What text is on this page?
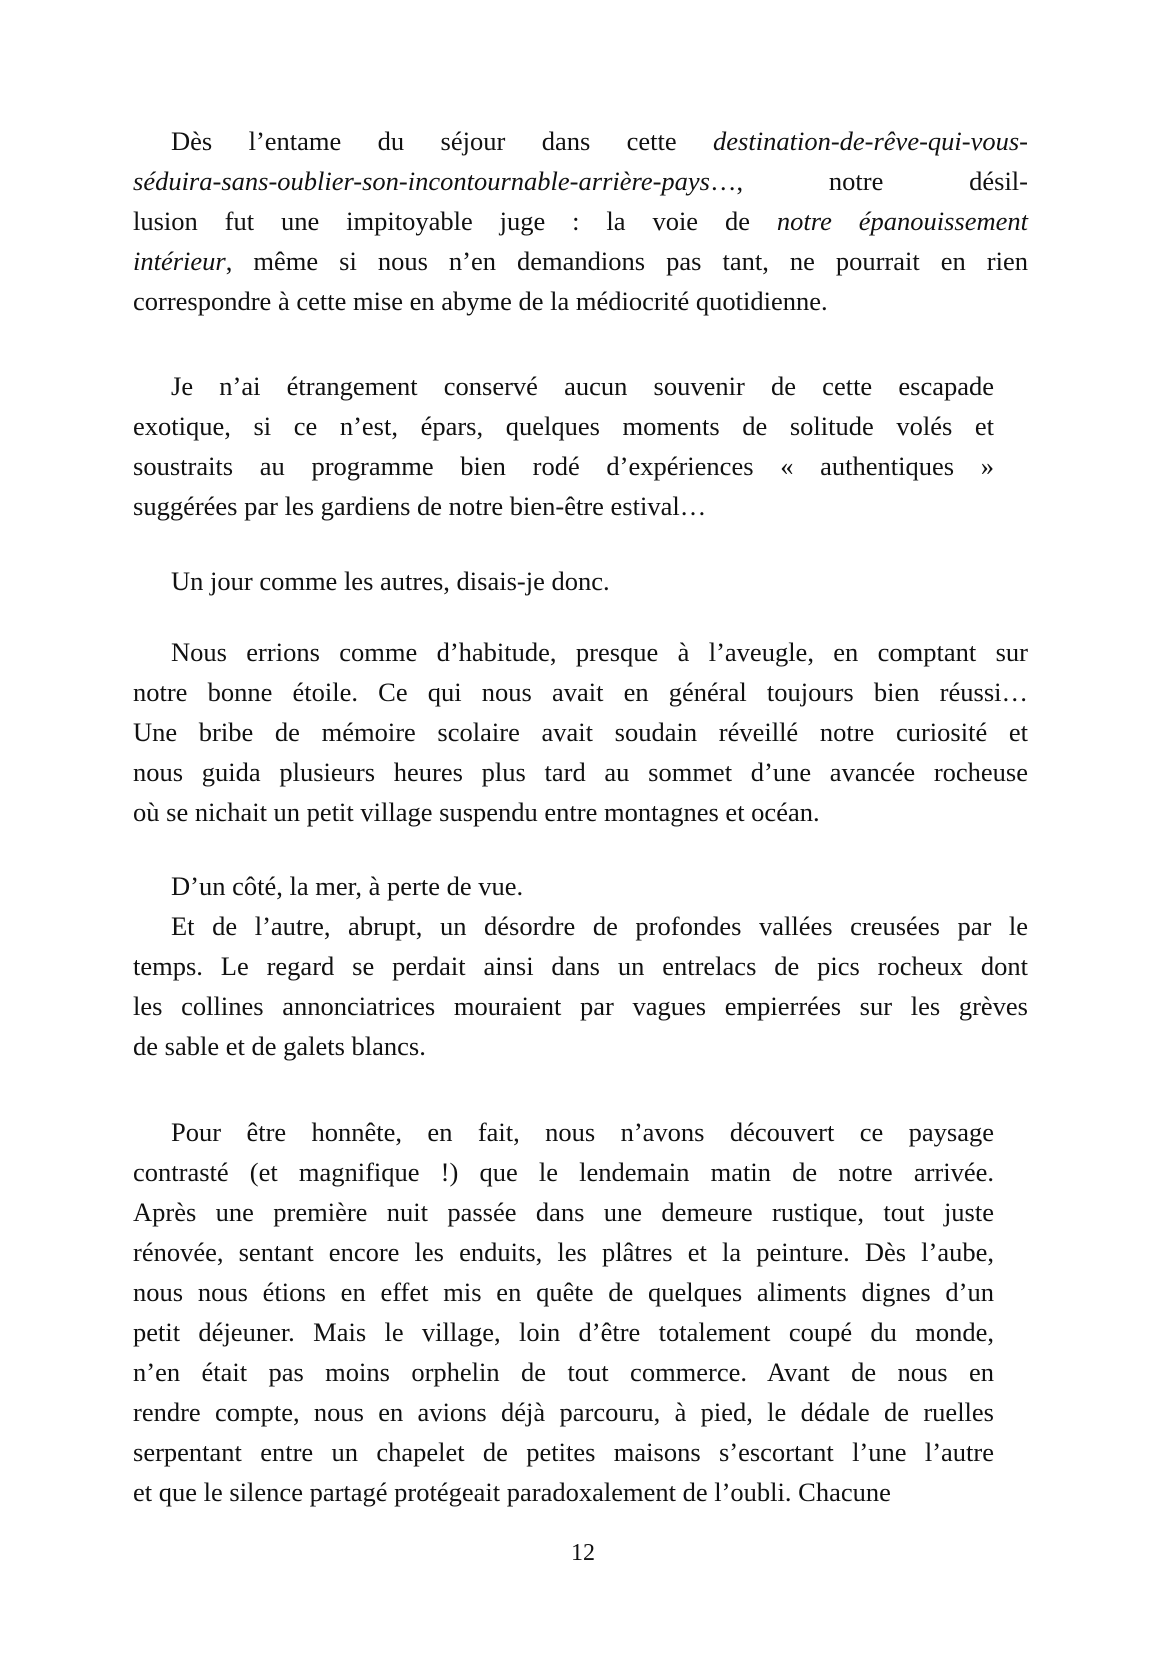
Dès l’entame du séjour dans cette destination-de-rêve-qui-vous-
séduira-sans-oublier-son-incontournable-arrière-pays…, notre désil-
lusion fut une impitoyable juge : la voie de notre épanouissement
intérieur, même si nous n’en demandions pas tant, ne pourrait en rien
correspondre à cette mise en abyme de la médiocrité quotidienne.
Je n’ai étrangement conservé aucun souvenir de cette escapade
exotique, si ce n’est, épars, quelques moments de solitude volés et
soustraits au programme bien rodé d’expériences « authentiques »
suggérées par les gardiens de notre bien-être estival…
Un jour comme les autres, disais-je donc.
Nous errions comme d’habitude, presque à l’aveugle, en comptant sur
notre bonne étoile. Ce qui nous avait en général toujours bien réussi…
Une bribe de mémoire scolaire avait soudain réveillé notre curiosité et
nous guida plusieurs heures plus tard au sommet d’une avancée rocheuse
où se nichait un petit village suspendu entre montagnes et océan.
D’un côté, la mer, à perte de vue.
Et de l’autre, abrupt, un désordre de profondes vallées creusées par le
temps. Le regard se perdait ainsi dans un entrelacs de pics rocheux dont
les collines annonciatrices mouraient par vagues empierrées sur les grèves
de sable et de galets blancs.
Pour être honnête, en fait, nous n’avons découvert ce paysage
contrasté (et magnifique !) que le lendemain matin de notre arrivée.
Après une première nuit passée dans une demeure rustique, tout juste
rénovée, sentant encore les enduits, les plâtres et la peinture. Dès l’aube,
nous nous étions en effet mis en quête de quelques aliments dignes d’un
petit déjeuner. Mais le village, loin d’être totalement coupé du monde,
n’en était pas moins orphelin de tout commerce. Avant de nous en
rendre compte, nous en avions déjà parcouru, à pied, le dédale de ruelles
serpentant entre un chapelet de petites maisons s’escortant l’une l’autre
et que le silence partagé protégeait paradoxalement de l’oubli. Chacune
12
